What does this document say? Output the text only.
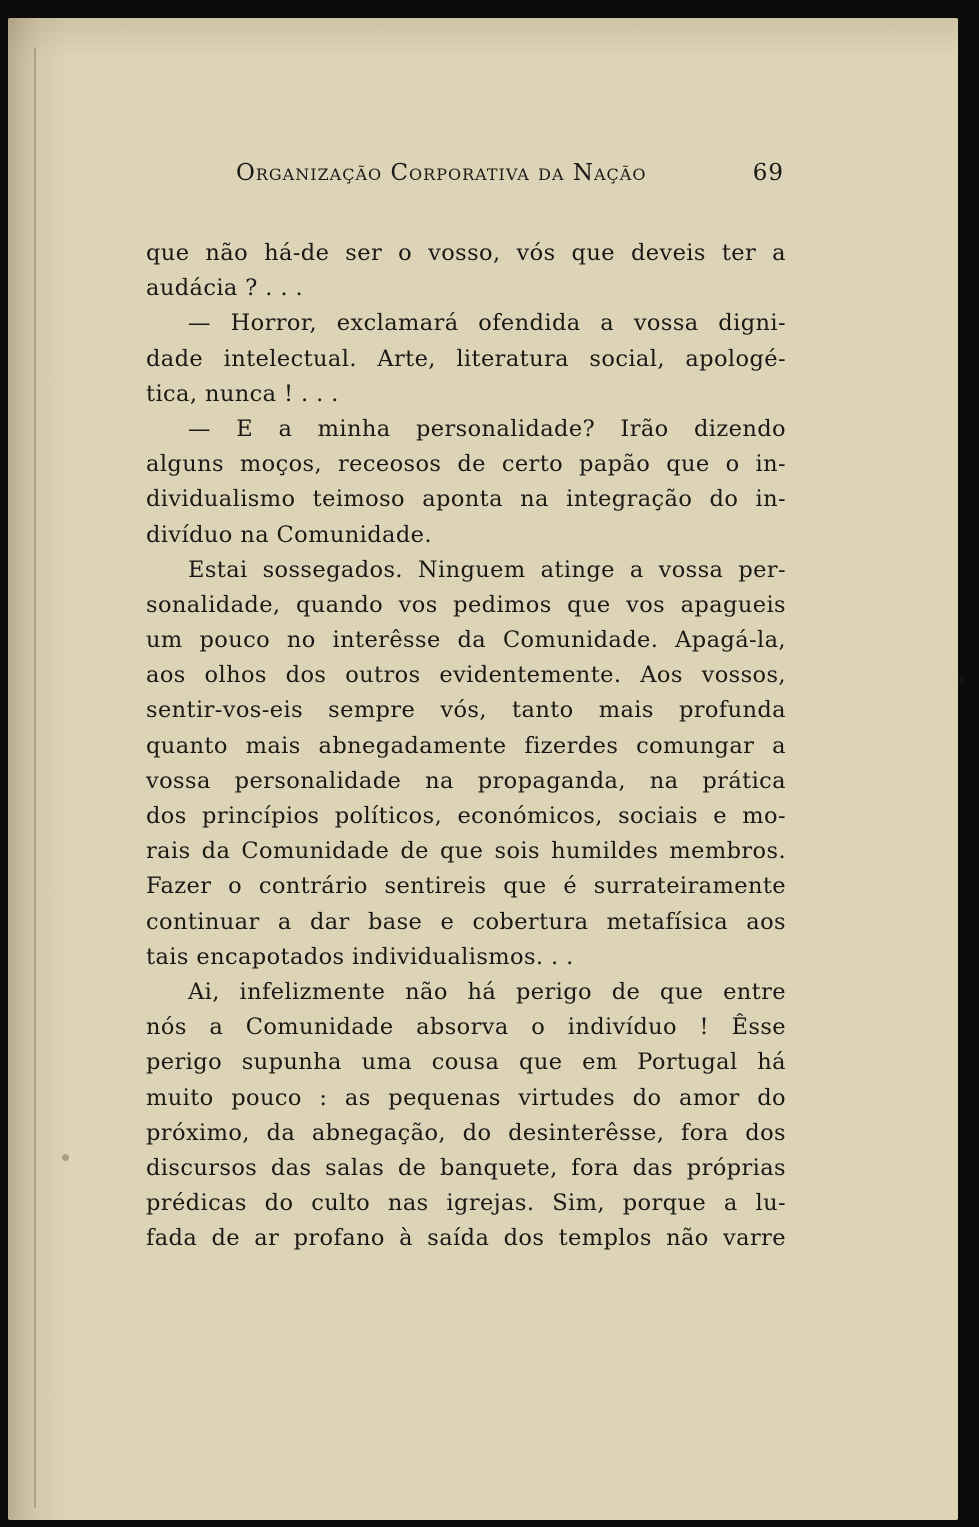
Organização Corporativa da Nação	69
que não há-de ser o vosso, vós que deveis ter a
audácia ? . . .
— Horror, exclamará ofendida a vossa digni-
dade intelectual. Arte, literatura social, apologé-
tica, nunca ! . . .
— E a minha personalidade? Irão dizendo
alguns moços, receosos de certo papão que o in-
dividualismo teimoso aponta na integração do in-
divíduo na Comunidade.
Estai sossegados. Ninguem atinge a vossa per-
sonalidade, quando vos pedimos que vos apagueis
um pouco no interêsse da Comunidade. Apagá-la,
aos olhos dos outros evidentemente. Aos vossos,
sentir-vos-eis sempre vós, tanto mais profunda
quanto mais abnegadamente fizerdes comungar a
vossa personalidade na propaganda, na prática
dos princípios políticos, económicos, sociais e mo-
rais da Comunidade de que sois humildes membros.
Fazer o contrário sentireis que é surrateiramente
continuar a dar base e cobertura metafísica aos
tais encapotados individualismos. . .
Ai, infelizmente não há perigo de que entre
nós a Comunidade absorva o indivíduo ! Êsse
perigo supunha uma cousa que em Portugal há
muito pouco : as pequenas virtudes do amor do
próximo, da abnegação, do desinterêsse, fora dos
discursos das salas de banquete, fora das próprias
prédicas do culto nas igrejas. Sim, porque a lu-
fada de ar profano à saída dos templos não varre
